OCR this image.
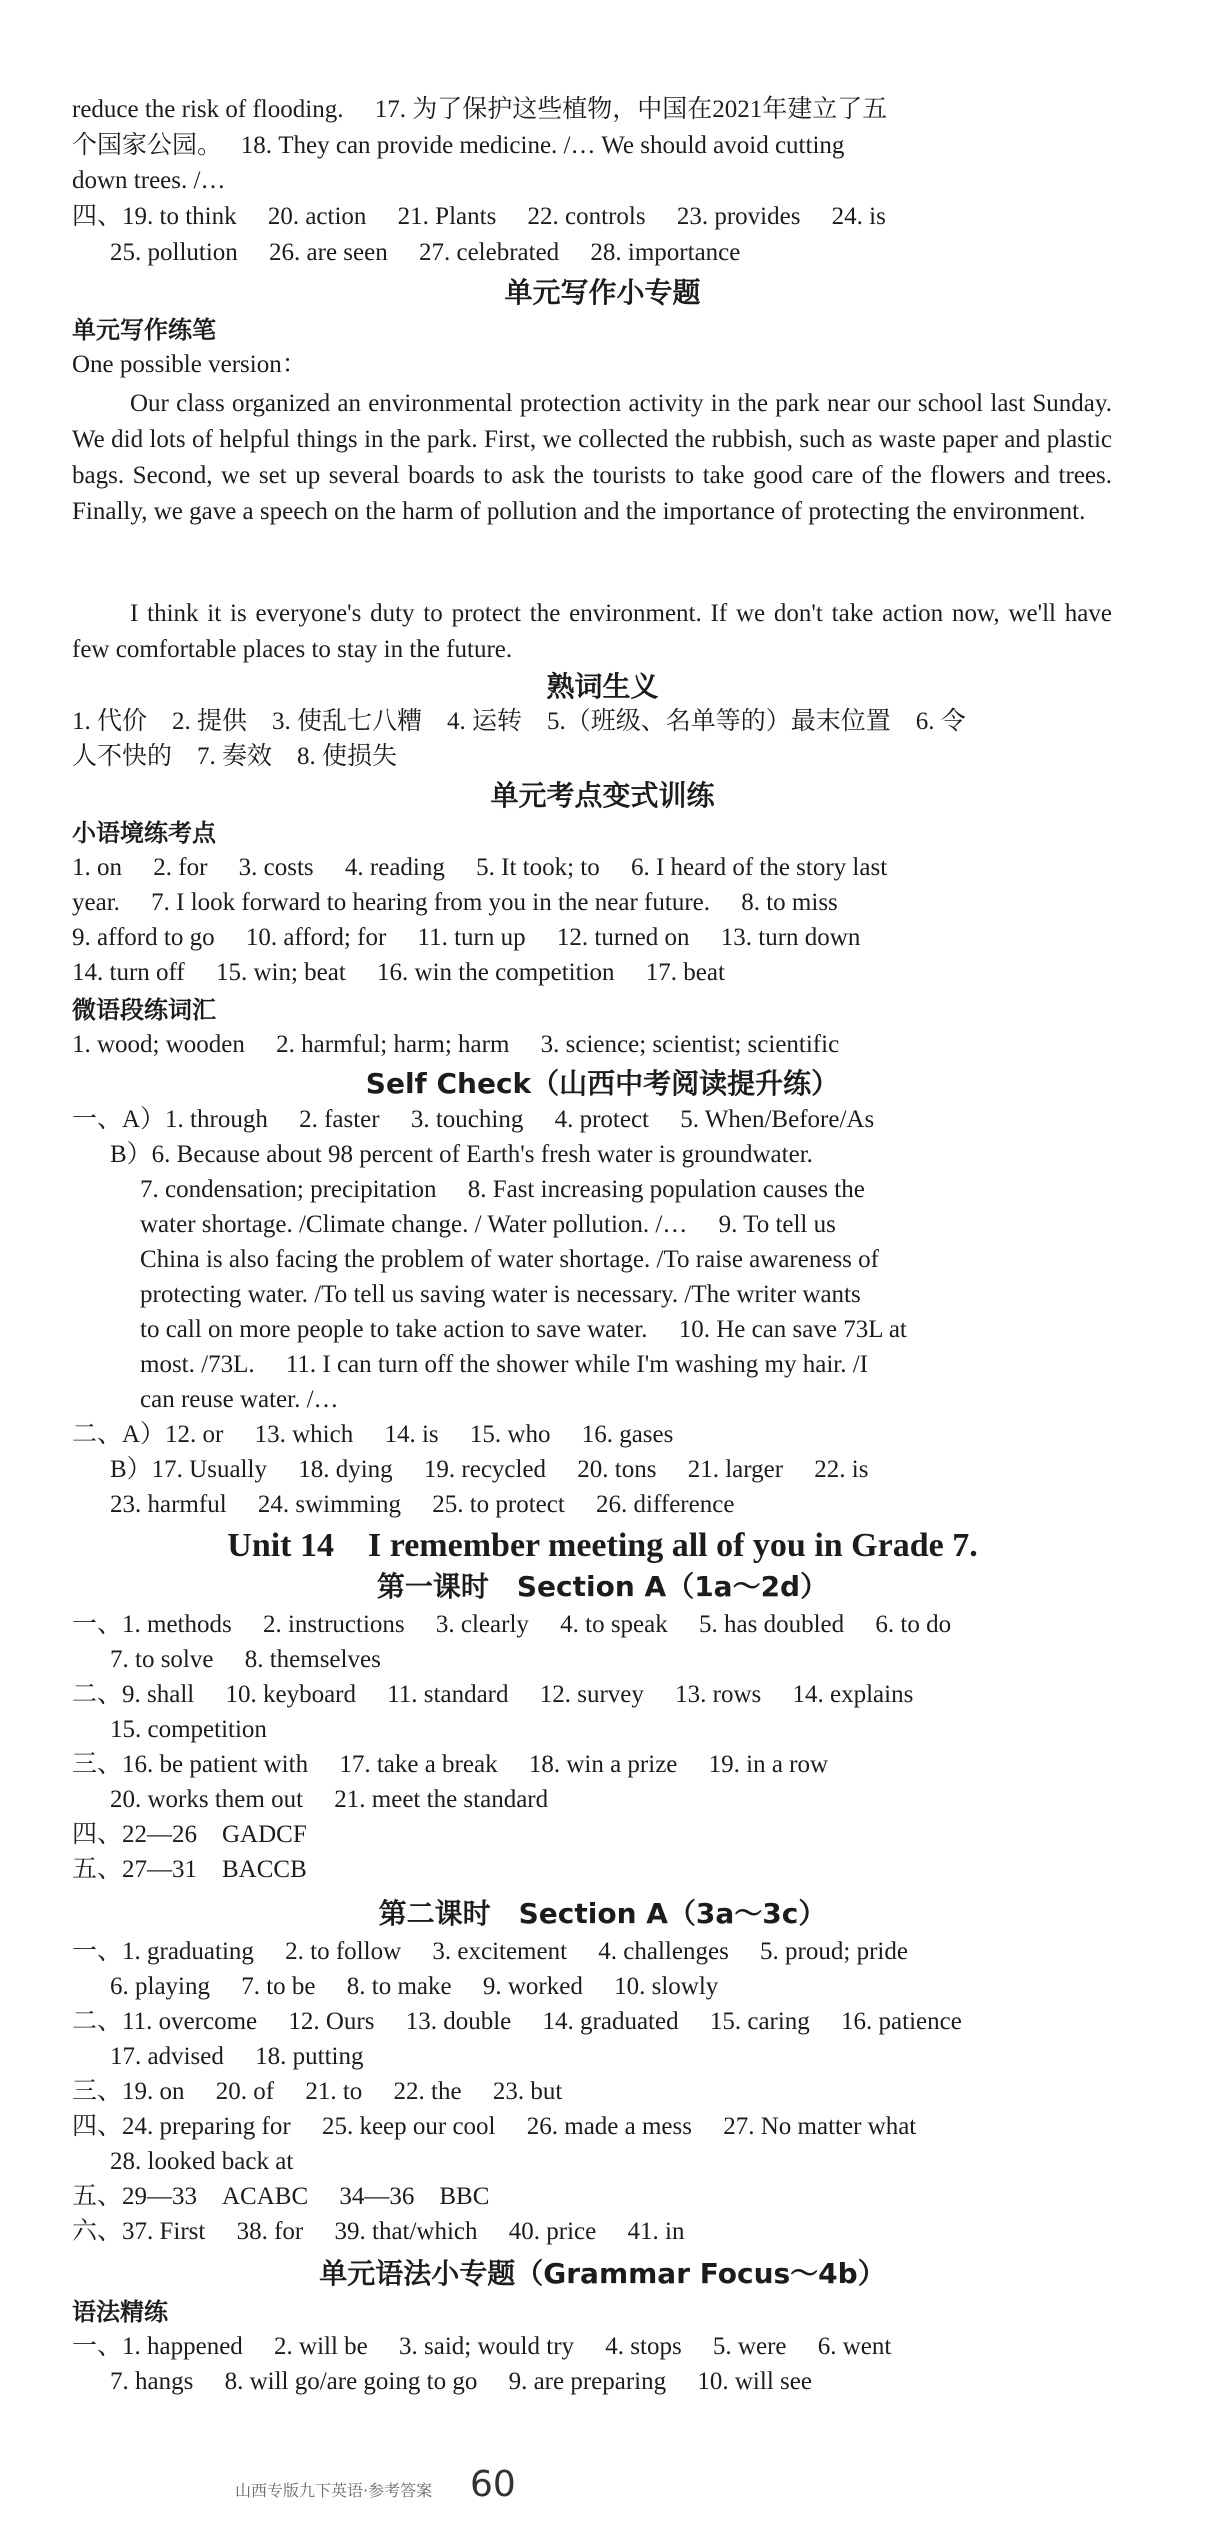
reduce the risk of flooding.　 17. 为了保护这些植物，中国在2021年建立了五
个国家公园。　 18. They can provide medicine. /… We should avoid cutting
down trees. /…
四、19. to think　 20. action　 21. Plants　 22. controls　 23. provides　 24. is
25. pollution　 26. are seen　 27. celebrated　 28. importance
单元写作小专题
单元写作练笔
One possible version：
Our class organized an environmental protection activity in the park near our school last Sunday. We did lots of helpful things in the park. First, we collected the rubbish, such as waste paper and plastic bags. Second, we set up several boards to ask the tourists to take good care of the flowers and trees. Finally, we gave a speech on the harm of pollution and the importance of protecting the environment.
I think it is everyone's duty to protect the environment. If we don't take action now, we'll have few comfortable places to stay in the future.
熟词生义
1. 代价　2. 提供　3. 使乱七八糟　4. 运转　5.（班级、名单等的）最末位置　6. 令
人不快的　7. 奏效　8. 使损失
单元考点变式训练
小语境练考点
1. on　 2. for　 3. costs　 4. reading　 5. It took; to　 6. I heard of the story last
year.　 7. I look forward to hearing from you in the near future.　 8. to miss
9. afford to go　 10. afford; for　 11. turn up　 12. turned on　 13. turn down
14. turn off　 15. win; beat　 16. win the competition　 17. beat
微语段练词汇
1. wood; wooden　 2. harmful; harm; harm　 3. science; scientist; scientific
Self Check（山西中考阅读提升练）
一、A）1. through　 2. faster　 3. touching　 4. protect　 5. When/Before/As
B）6. Because about 98 percent of Earth's fresh water is groundwater.
7. condensation; precipitation　 8. Fast increasing population causes the
water shortage. /Climate change. / Water pollution. /…　 9. To tell us
China is also facing the problem of water shortage. /To raise awareness of
protecting water. /To tell us saving water is necessary. /The writer wants
to call on more people to take action to save water.　 10. He can save 73L at
most. /73L.　 11. I can turn off the shower while I'm washing my hair. /I
can reuse water. /…
二、A）12. or　 13. which　 14. is　 15. who　 16. gases
B）17. Usually　 18. dying　 19. recycled　 20. tons　 21. larger　 22. is
23. harmful　 24. swimming　 25. to protect　 26. difference
Unit 14　I remember meeting all of you in Grade 7.
第一课时　Section A（1a～2d）
一、1. methods　 2. instructions　 3. clearly　 4. to speak　 5. has doubled　 6. to do
7. to solve　 8. themselves
二、9. shall　 10. keyboard　 11. standard　 12. survey　 13. rows　 14. explains
15. competition
三、16. be patient with　 17. take a break　 18. win a prize　 19. in a row
20. works them out　 21. meet the standard
四、22—26　GADCF
五、27—31　BACCB
第二课时　Section A（3a～3c）
一、1. graduating　 2. to follow　 3. excitement　 4. challenges　 5. proud; pride
6. playing　 7. to be　 8. to make　 9. worked　 10. slowly
二、11. overcome　 12. Ours　 13. double　 14. graduated　 15. caring　 16. patience
17. advised　 18. putting
三、19. on　 20. of　 21. to　 22. the　 23. but
四、24. preparing for　 25. keep our cool　 26. made a mess　 27. No matter what
28. looked back at
五、29—33　ACABC　 34—36　BBC
六、37. First　 38. for　 39. that/which　 40. price　 41. in
单元语法小专题（Grammar Focus～4b）
语法精练
一、1. happened　 2. will be　 3. said; would try　 4. stops　 5. were　 6. went
7. hangs　 8. will go/are going to go　 9. are preparing　 10. will see
山西专版九下英语·参考答案 60
